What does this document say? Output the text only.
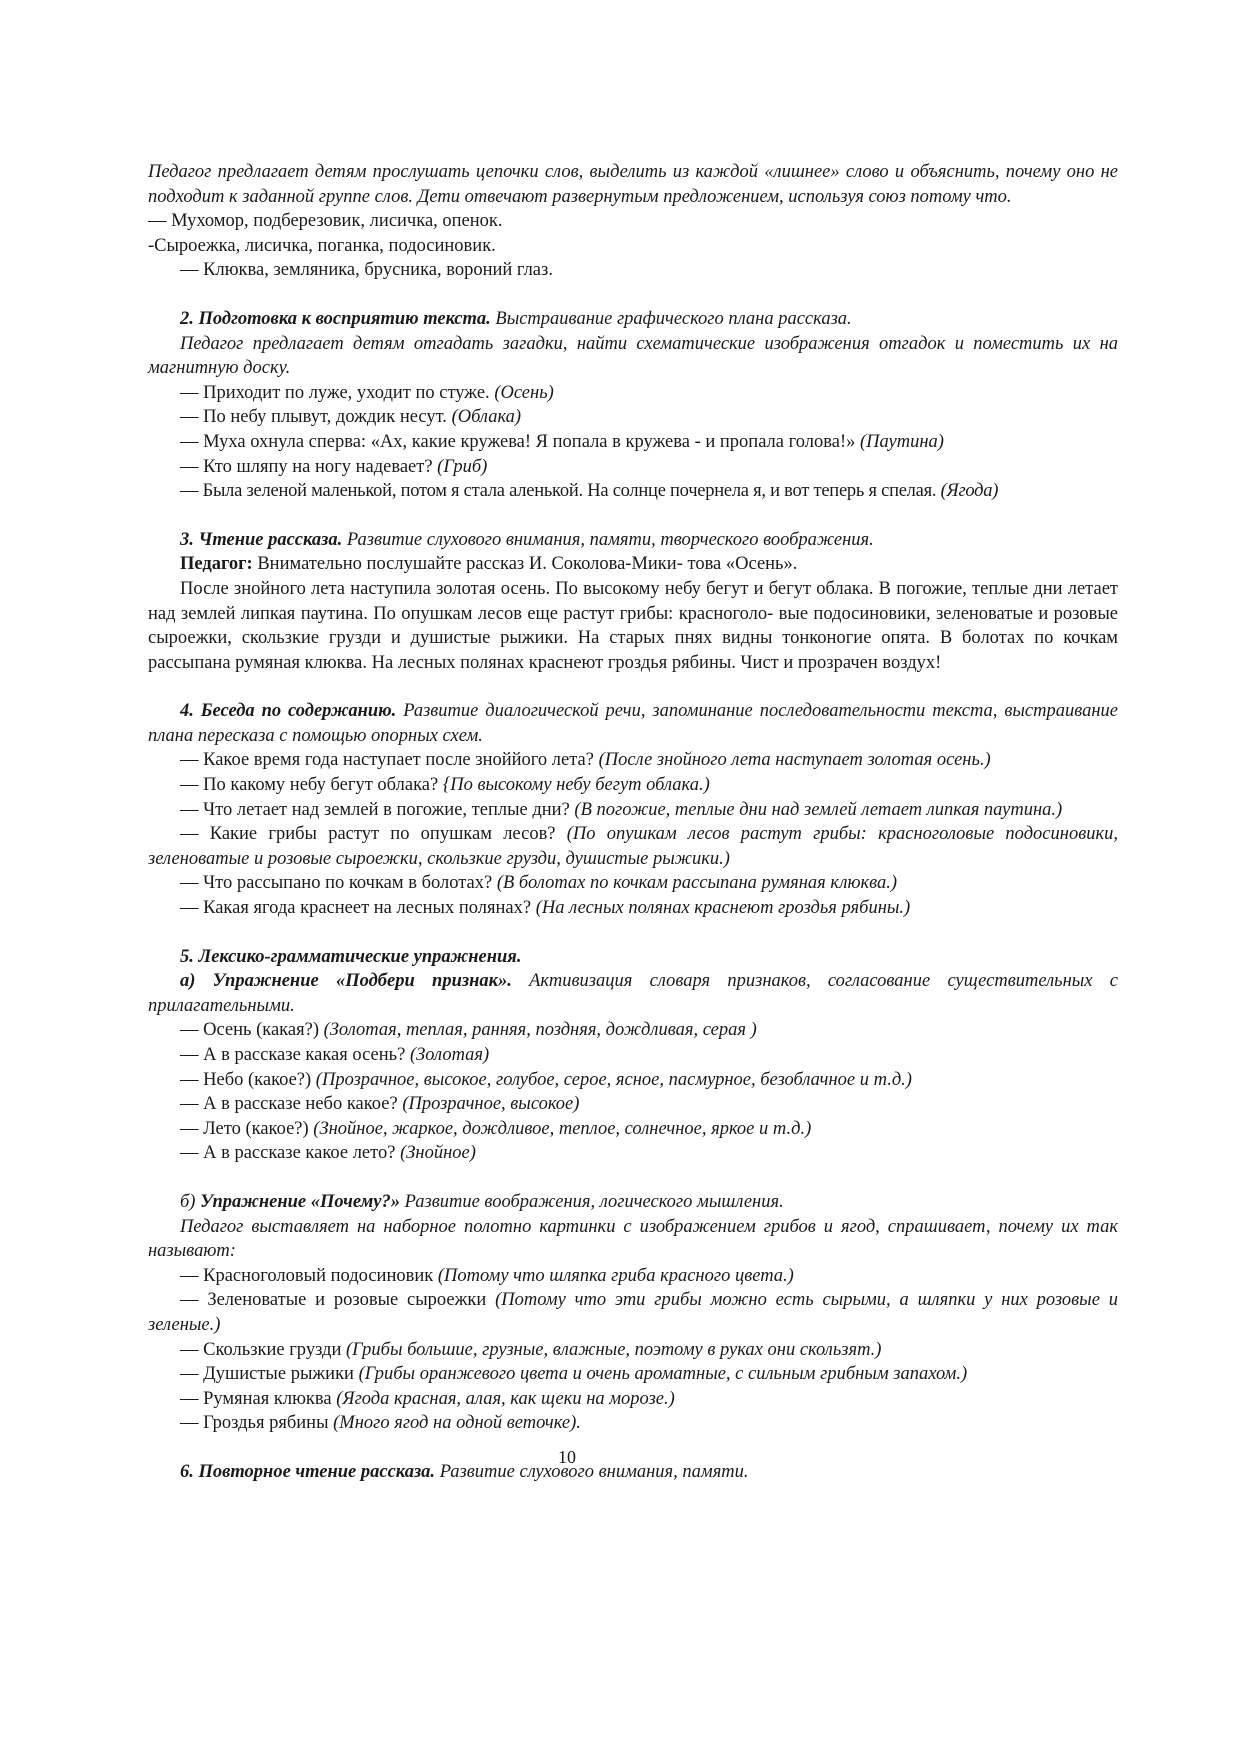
Педагог предлагает детям прослушать цепочки слов, выделить из каждой «лишнее» слово и объяснить, почему оно не подходит к заданной группе слов. Дети отвечают развернутым предложением, используя союз потому что.

— Мухомор, подберезовик, лисичка, опенок.

-Сыроежка, лисичка, поганка, подосиновик.

— Клюква, земляника, брусника, вороний глаз.

2. Подготовка к восприятию текста. Выстраивание графического плана рассказа.

Педагог предлагает детям отгадать загадки, найти схематические изображения отгадок и поместить их на магнитную доску.

— Приходит по луже, уходит по стуже. (Осень)

— По небу плывут, дождик несут. (Облака)

— Муха охнула сперва: «Ах, какие кружева! Я попала в кружева - и пропала голова!» (Паутина)

— Кто шляпу на ногу надевает? (Гриб)

— Была зеленой маленькой, потом я стала аленькой. На солнце почернела я, и вот теперь я спелая. (Ягода)

3. Чтение рассказа. Развитие слухового внимания, памяти, творческого воображения.

Педагог: Внимательно послушайте рассказ И. Соколова-Мики- това «Осень».

После знойного лета наступила золотая осень. По высокому небу бегут и бегут облака. В погожие, теплые дни летает над землей липкая паутина. По опушкам лесов еще растут грибы: красноголо- вые подосиновики, зеленоватые и розовые сыроежки, скользкие грузди и душистые рыжики. На старых пнях видны тонконогие опята. В болотах по кочкам рассыпана румяная клюква. На лесных полянах краснеют гроздья рябины. Чист и прозрачен воздух!

4. Беседа по содержанию. Развитие диалогической речи, запоминание последовательности текста, выстраивание плана пересказа с помощью опорных схем.

— Какое время года наступает после зноййого лета? (После знойного лета наступает золотая осень.)

— По какому небу бегут облака? {По высокому небу бегут облака.)

— Что летает над землей в погожие, теплые дни? (В погожие, теплые дни над землей летает липкая паутина.)

— Какие грибы растут по опушкам лесов? (По опушкам лесов растут грибы: красноголовые подосиновики, зеленоватые и розовые сыроежки, скользкие грузди, душистые рыжики.)

— Что рассыпано по кочкам в болотах? (В болотах по кочкам рассыпана румяная клюква.)

— Какая ягода краснеет на лесных полянах? (На лесных полянах краснеют гроздья рябины.)

5. Лексико-грамматические упражнения.

а) Упражнение «Подбери признак». Активизация словаря признаков, согласование существительных с прилагательными.

— Осень (какая?) (Золотая, теплая, ранняя, поздняя, дождливая, серая )

— А в рассказе какая осень? (Золотая)

— Небо (какое?) (Прозрачное, высокое, голубое, серое, ясное, пасмурное, безоблачное и т.д.)

— А в рассказе небо какое? (Прозрачное, высокое)

— Лето (какое?) (Знойное, жаркое, дождливое, теплое, солнечное, яркое и т.д.)

— А в рассказе какое лето? (Знойное)

б) Упражнение «Почему?» Развитие воображения, логического мышления.

Педагог выставляет на наборное полотно картинки с изображением грибов и ягод, спрашивает, почему их так называют:

— Красноголовый подосиновик (Потому что шляпка гриба красного цвета.)

— Зеленоватые и розовые сыроежки (Потому что эти грибы можно есть сырыми, а шляпки у них розовые и зеленые.)

— Скользкие грузди (Грибы большие, грузные, влажные, поэтому в руках они скользят.)

— Душистые рыжики (Грибы оранжевого цвета и очень ароматные, с сильным грибным запахом.)

— Румяная клюква (Ягода красная, алая, как щеки на морозе.)

— Гроздья рябины (Много ягод на одной веточке).

6. Повторное чтение рассказа. Развитие слухового внимания, памяти.

10
